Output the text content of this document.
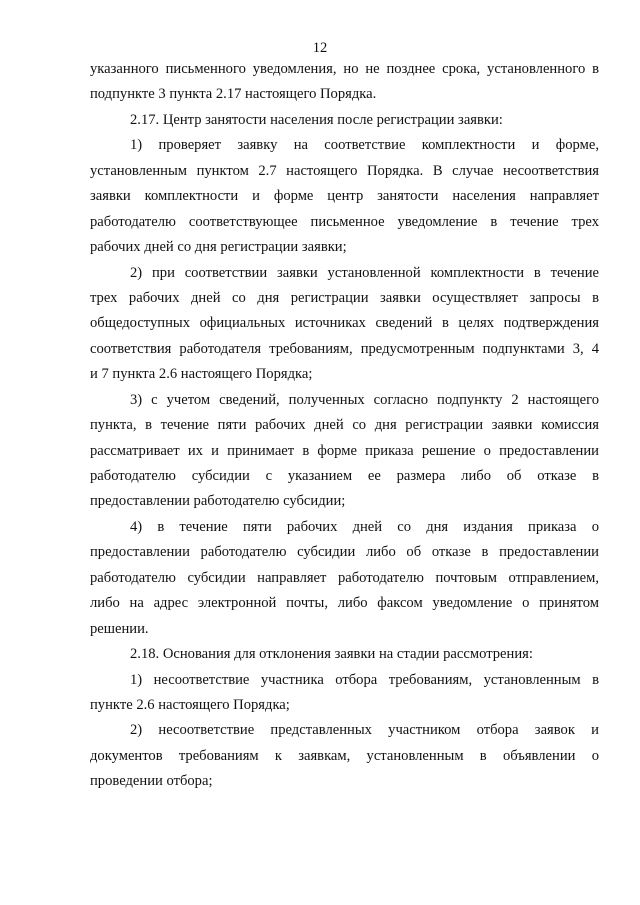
12
указанного письменного уведомления, но не позднее срока, установленного в
подпункте 3 пункта 2.17 настоящего Порядка.
2.17. Центр занятости населения после регистрации заявки:
1) проверяет заявку на соответствие комплектности и форме,
установленным пунктом 2.7 настоящего Порядка. В случае несоответствия
заявки комплектности и форме центр занятости населения направляет
работодателю соответствующее письменное уведомление в течение трех
рабочих дней со дня регистрации заявки;
2) при соответствии заявки установленной комплектности в течение
трех рабочих дней со дня регистрации заявки осуществляет запросы в
общедоступных официальных источниках сведений в целях подтверждения
соответствия работодателя требованиям, предусмотренным подпунктами 3, 4
и 7 пункта 2.6 настоящего Порядка;
3) с учетом сведений, полученных согласно подпункту 2 настоящего
пункта, в течение пяти рабочих дней со дня регистрации заявки комиссия
рассматривает их и принимает в форме приказа решение о предоставлении
работодателю субсидии с указанием ее размера либо об отказе в
предоставлении работодателю субсидии;
4) в течение пяти рабочих дней со дня издания приказа о
предоставлении работодателю субсидии либо об отказе в предоставлении
работодателю субсидии направляет работодателю почтовым отправлением,
либо на адрес электронной почты, либо факсом уведомление о принятом
решении.
2.18. Основания для отклонения заявки на стадии рассмотрения:
1) несоответствие участника отбора требованиям, установленным в
пункте 2.6 настоящего Порядка;
2) несоответствие представленных участником отбора заявок и
документов требованиям к заявкам, установленным в объявлении о
проведении отбора;
